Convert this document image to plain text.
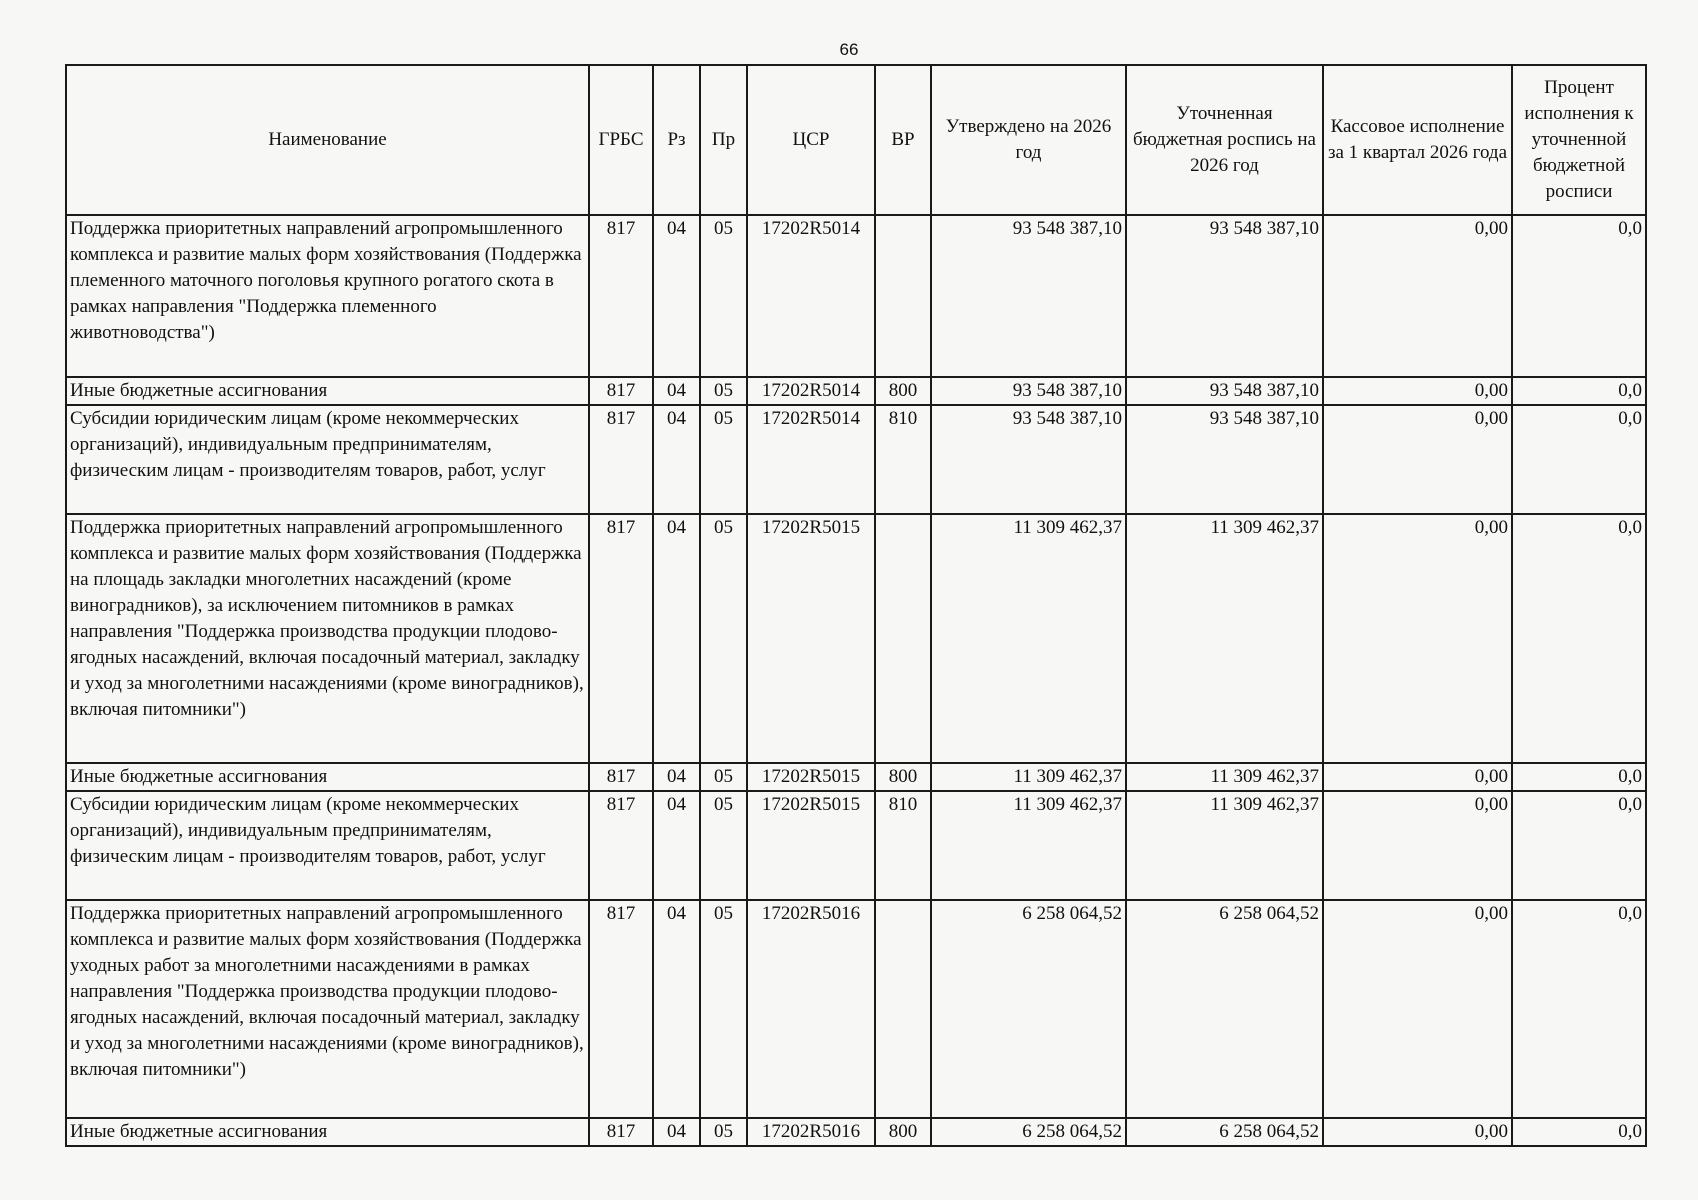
66
Наименование	ГРБС	Рз	Пр	ЦСР	ВР	Утверждено на 2026 год	Уточненная бюджетная роспись на 2026 год	Кассовое исполнение за 1 квартал 2026 года	Процент исполнения к уточненной бюджетной росписи
Поддержка приоритетных направлений агропромышленного комплекса и развитие малых форм хозяйствования (Поддержка племенного маточного поголовья крупного рогатого скота в рамках направления "Поддержка племенного животноводства")	817	04	05	17202R5014		93 548 387,10	93 548 387,10	0,00	0,0
Иные бюджетные ассигнования	817	04	05	17202R5014	800	93 548 387,10	93 548 387,10	0,00	0,0
Субсидии юридическим лицам (кроме некоммерческих организаций), индивидуальным предпринимателям, физическим лицам - производителям товаров, работ, услуг	817	04	05	17202R5014	810	93 548 387,10	93 548 387,10	0,00	0,0
Поддержка приоритетных направлений агропромышленного комплекса и развитие малых форм хозяйствования (Поддержка на площадь закладки многолетних насаждений (кроме виноградников), за исключением питомников в рамках направления "Поддержка производства продукции плодово-ягодных насаждений, включая посадочный материал, закладку и уход за многолетними насаждениями (кроме виноградников), включая питомники")	817	04	05	17202R5015		11 309 462,37	11 309 462,37	0,00	0,0
Иные бюджетные ассигнования	817	04	05	17202R5015	800	11 309 462,37	11 309 462,37	0,00	0,0
Субсидии юридическим лицам (кроме некоммерческих организаций), индивидуальным предпринимателям, физическим лицам - производителям товаров, работ, услуг	817	04	05	17202R5015	810	11 309 462,37	11 309 462,37	0,00	0,0
Поддержка приоритетных направлений агропромышленного комплекса и развитие малых форм хозяйствования (Поддержка уходных работ за многолетними насаждениями в рамках направления "Поддержка производства продукции плодово-ягодных насаждений, включая посадочный материал, закладку и уход за многолетними насаждениями (кроме виноградников), включая питомники")	817	04	05	17202R5016		6 258 064,52	6 258 064,52	0,00	0,0
Иные бюджетные ассигнования	817	04	05	17202R5016	800	6 258 064,52	6 258 064,52	0,00	0,0
